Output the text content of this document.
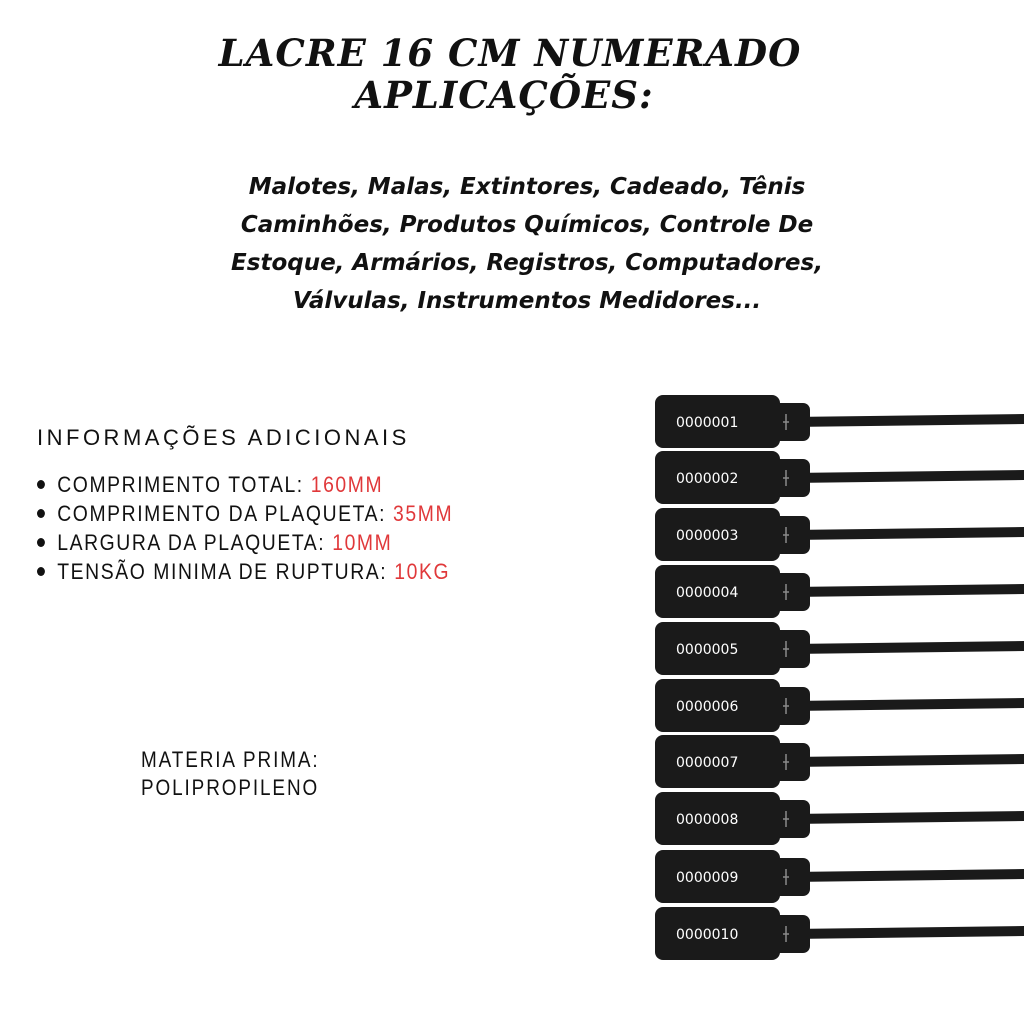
LACRE 16 CM NUMERADO
APLICAÇÕES:
Malotes, Malas, Extintores, Cadeado, Tênis
Caminhões, Produtos Químicos, Controle De
Estoque, Armários, Registros, Computadores,
Válvulas, Instrumentos Medidores...
INFORMAÇÕES ADICIONAIS
COMPRIMENTO TOTAL: 160MM
COMPRIMENTO DA PLAQUETA: 35MM
LARGURA DA PLAQUETA: 10MM
TENSÃO MINIMA DE RUPTURA: 10KG
MATERIA PRIMA:
POLIPROPILENO
0000001
0000002
0000003
0000004
0000005
0000006
0000007
0000008
0000009
0000010
